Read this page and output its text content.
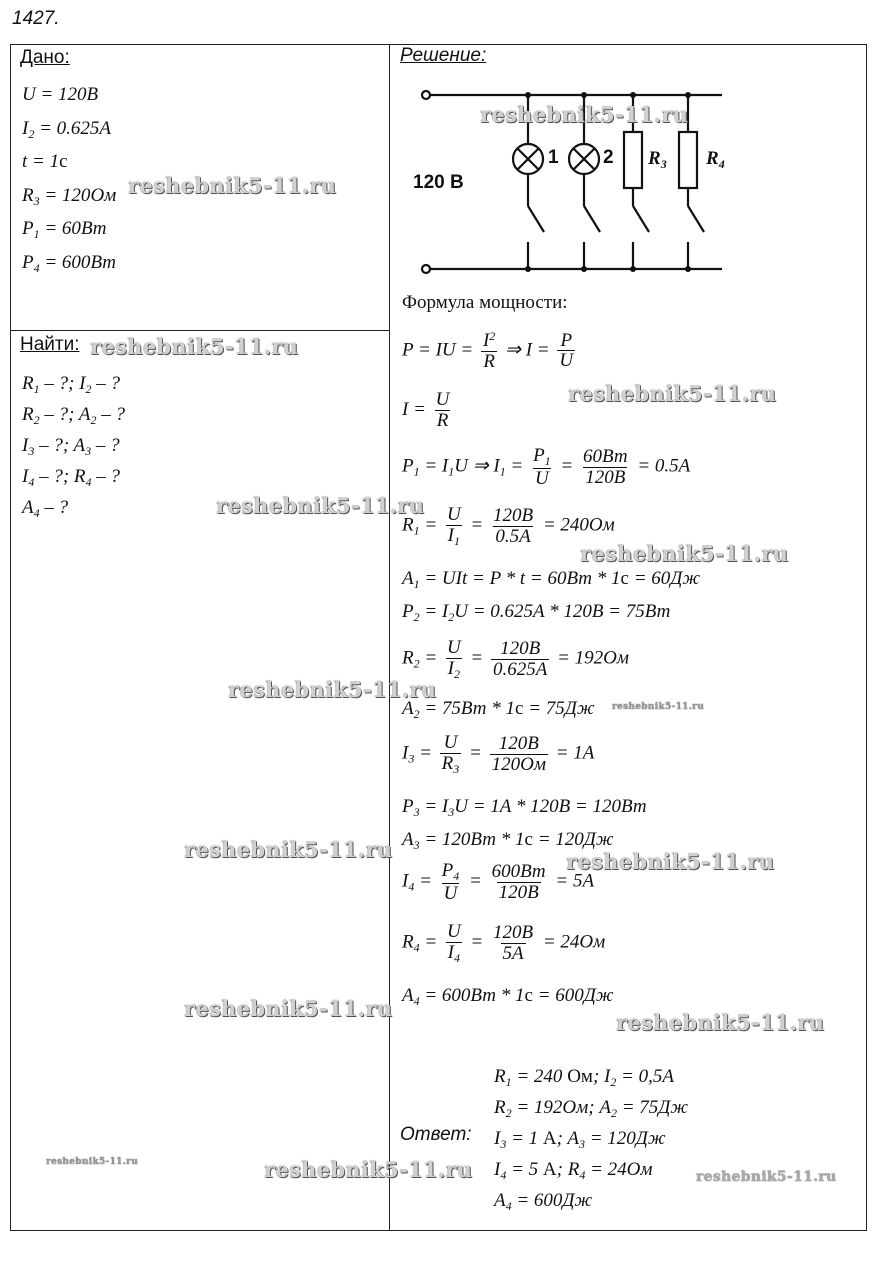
1427.
Дано:
U = 120B
$I_2 = 0.625A$
t = 1c
$R_3 = 120Ом$
$P_1 = 60Вт$
$P_4 = 600Вт$
Найти:
$R_1$ – ?; $I_2$ – ?
$R_2$ – ?; $A_2$ – ?
$I_3$ – ?; $A_3$ – ?
$I_4$ – ?; $R_4$ – ?
$A_4$ – ?
Решение:
120 В
1 2 $R_3$ $R_4$
Формула мощности:
P = IU = $\frac{I^2}{R}$ ⇒ $I = \frac{P}{U}$
$I = \frac{U}{R}$
$P_1 = I_1U$ ⇒ $I_1 = \frac{P_1}{U} = \frac{60Вт}{120В} = 0.5A$
$R_1 = \frac{U}{I_1} = \frac{120В}{0.5A} = 240Ом$
$A_1$ = UIt = P * t = 60Вт * 1с = 60Дж
$P_2 = I_2U = 0.625A * 120В = 75Вт$
$R_2 = \frac{U}{I_2} = \frac{120В}{0.625A} = 192Ом$
$A_2 = 75Вт * 1с = 75Дж$
$I_3 = \frac{U}{R_3} = \frac{120В}{120Ом} = 1A$
$P_3 = I_3U = 1A * 120В = 120Вт$
$A_3 = 120Вт * 1с = 120Дж$
$I_4 = \frac{P_4}{U} = \frac{600Вт}{120В} = 5A$
$R_4 = \frac{U}{I_4} = \frac{120В}{5A} = 24Ом$
$A_4 = 600Вт * 1с = 600Дж$
Ответ:
$R_1 = 240$ Ом; $I_2 = 0,5A$
$R_2 = 192Ом$; $A_2 = 75Дж$
$I_3 = 1$ A; $A_3 = 120Дж$
$I_4 = 5$ A; $R_4 = 24Ом$
$A_4 = 600Дж$
reshebnik5-11.ru
reshebnik5-11.ru
reshebnik5-11.ru
reshebnik5-11.ru
reshebnik5-11.ru
reshebnik5-11.ru
reshebnik5-11.ru
reshebnik5-11.ru
reshebnik5-11.ru	reshebnik5-11.ru
reshebnik5-11.ru
reshebnik5-11.ru
reshebnik5-11.ru	reshebnik5-11.ru	reshebnik5-11.ru
